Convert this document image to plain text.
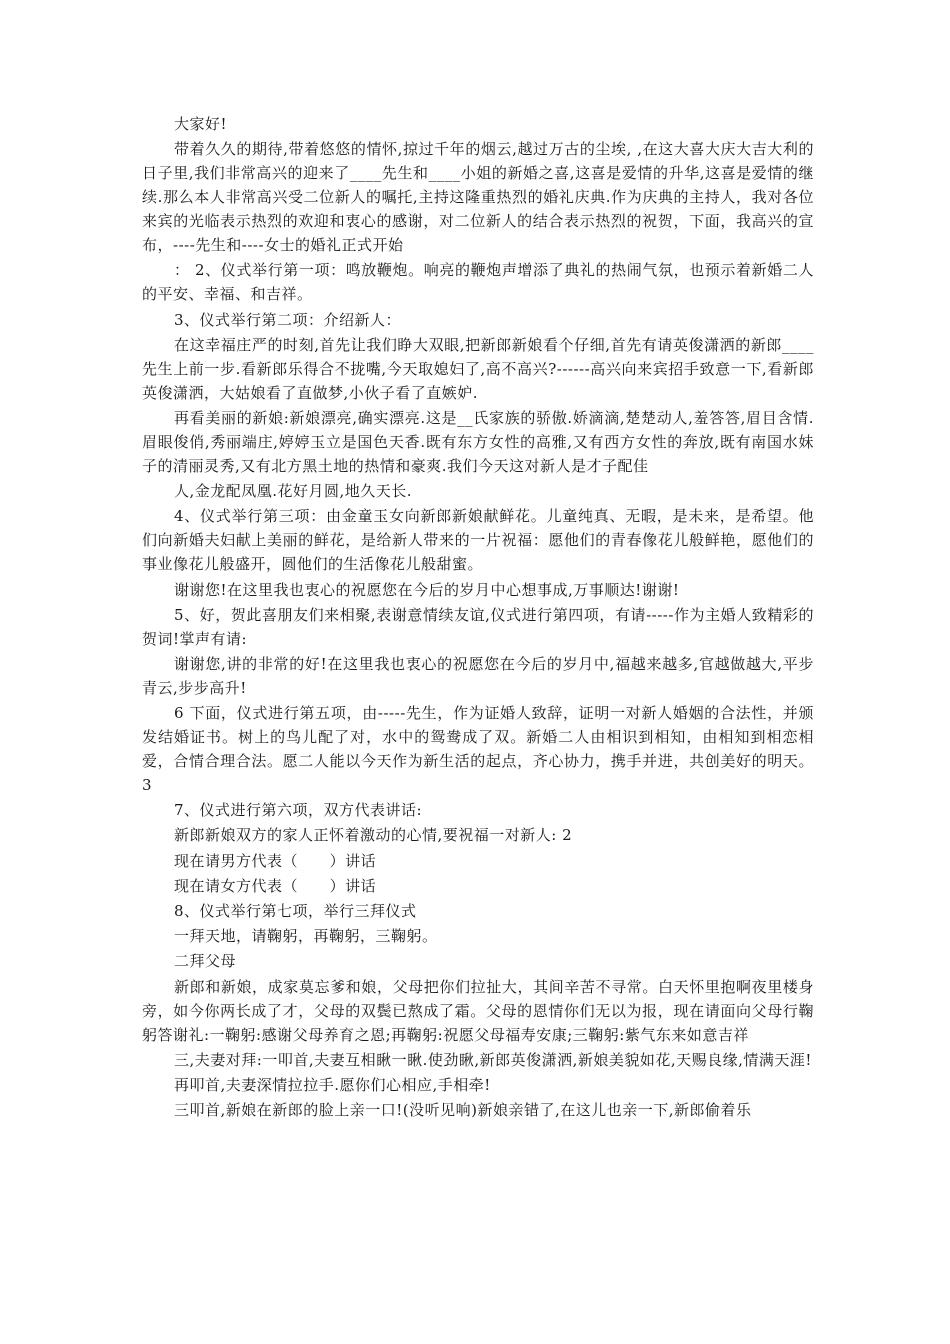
大家好!

带着久久的期待,带着悠悠的情怀,掠过千年的烟云,越过万古的尘埃, ,在这大喜大庆大吉大利的日子里,我们非常高兴的迎来了____先生和____小姐的新婚之喜,这喜是爱情的升华,这喜是爱情的继续.那么本人非常高兴受二位新人的嘱托,主持这隆重热烈的婚礼庆典.作为庆典的主持人，我对各位来宾的光临表示热烈的欢迎和衷心的感谢，对二位新人的结合表示热烈的祝贺，下面，我高兴的宣布，----先生和----女士的婚礼正式开始

： 2、仪式举行第一项：鸣放鞭炮。响亮的鞭炮声增添了典礼的热闹气氛，也预示着新婚二人的平安、幸福、和吉祥。

3、仪式举行第二项：介绍新人：

在这幸福庄严的时刻,首先让我们睁大双眼,把新郎新娘看个仔细,首先有请英俊潇洒的新郎____先生上前一步.看新郎乐得合不拢嘴,今天取媳妇了,高不高兴?------高兴向来宾招手致意一下,看新郎英俊潇洒，大姑娘看了直做梦,小伙子看了直嫉妒.

再看美丽的新娘:新娘漂亮,确实漂亮.这是__氏家族的骄傲.娇滴滴,楚楚动人,羞答答,眉目含情.眉眼俊俏,秀丽端庄,婷婷玉立是国色天香.既有东方女性的高雅,又有西方女性的奔放,既有南国水妹子的清丽灵秀,又有北方黑土地的热情和豪爽.我们今天这对新人是才子配佳

人,金龙配凤凰.花好月圆,地久天长.

4、仪式举行第三项：由金童玉女向新郎新娘献鲜花。儿童纯真、无暇，是未来，是希望。他们向新婚夫妇献上美丽的鲜花，是给新人带来的一片祝福：愿他们的青春像花儿般鲜艳，愿他们的事业像花儿般盛开，圆他们的生活像花儿般甜蜜。

谢谢您!在这里我也衷心的祝愿您在今后的岁月中心想事成,万事顺达!谢谢!

5、好，贺此喜朋友们来相聚,表谢意情续友谊,仪式进行第四项，有请-----作为主婚人致精彩的贺词!掌声有请:

谢谢您,讲的非常的好!在这里我也衷心的祝愿您在今后的岁月中,福越来越多,官越做越大,平步青云,步步高升!

6 下面，仪式进行第五项，由-----先生，作为证婚人致辞，证明一对新人婚姻的合法性，并颁发结婚证书。树上的鸟儿配了对，水中的鸳鸯成了双。新婚二人由相识到相知，由相知到相恋相爱，合情合理合法。愿二人能以今天作为新生活的起点，齐心协力，携手并进，共创美好的明天。    3

7、仪式进行第六项，双方代表讲话:

新郎新娘双方的家人正怀着激动的心情,要祝福一对新人: 2

现在请男方代表（      ）讲话

现在请女方代表（      ）讲话

8、仪式举行第七项，举行三拜仪式

一拜天地，请鞠躬，再鞠躬，三鞠躬。

二拜父母

新郎和新娘，成家莫忘爹和娘，父母把你们拉扯大，其间辛苦不寻常。白天怀里抱啊夜里楼身旁，如今你两长成了才，父母的双鬓已熬成了霜。父母的恩情你们无以为报，现在请面向父母行鞠躬答谢礼:一鞠躬:感谢父母养育之恩;再鞠躬:祝愿父母福寿安康;三鞠躬:紫气东来如意吉祥

三,夫妻对拜:一叩首,夫妻互相瞅一瞅.使劲瞅,新郎英俊潇洒,新娘美貌如花,天赐良缘,情满天涯!

再叩首,夫妻深情拉拉手.愿你们心相应,手相牵!

三叩首,新娘在新郎的脸上亲一口!(没听见响)新娘亲错了,在这儿也亲一下,新郎偷着乐
